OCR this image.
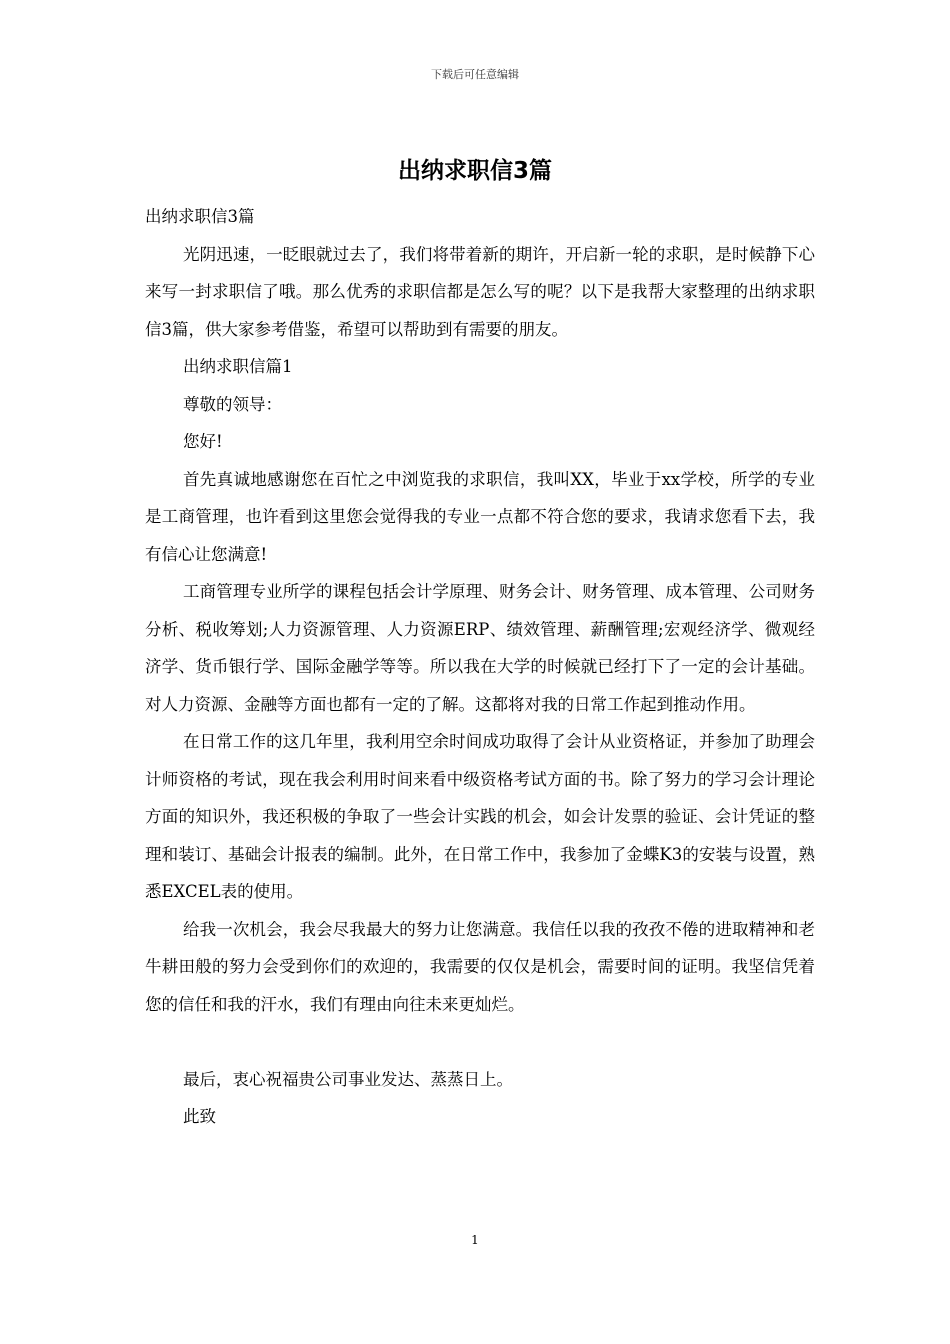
下载后可任意编辑
出纳求职信3篇

出纳求职信3篇

光阴迅速，一眨眼就过去了，我们将带着新的期许，开启新一轮的求职，是时候静下心来写一封求职信了哦。那么优秀的求职信都是怎么写的呢？以下是我帮大家整理的出纳求职信3篇，供大家参考借鉴，希望可以帮助到有需要的朋友。

出纳求职信篇1

尊敬的领导：

您好!

首先真诚地感谢您在百忙之中浏览我的求职信，我叫XX，毕业于xx学校，所学的专业是工商管理，也许看到这里您会觉得我的专业一点都不符合您的要求，我请求您看下去，我有信心让您满意!

工商管理专业所学的课程包括会计学原理、财务会计、财务管理、成本管理、公司财务分析、税收筹划;人力资源管理、人力资源ERP、绩效管理、薪酬管理;宏观经济学、微观经济学、货币银行学、国际金融学等等。所以我在大学的时候就已经打下了一定的会计基础。对人力资源、金融等方面也都有一定的了解。这都将对我的日常工作起到推动作用。

在日常工作的这几年里，我利用空余时间成功取得了会计从业资格证，并参加了助理会计师资格的考试，现在我会利用时间来看中级资格考试方面的书。除了努力的学习会计理论方面的知识外，我还积极的争取了一些会计实践的机会，如会计发票的验证、会计凭证的整理和装订、基础会计报表的编制。此外，在日常工作中，我参加了金蝶K3的安装与设置，熟悉EXCEL表的使用。

给我一次机会，我会尽我最大的努力让您满意。我信任以我的孜孜不倦的进取精神和老牛耕田般的努力会受到你们的欢迎的，我需要的仅仅是机会，需要时间的证明。我坚信凭着您的信任和我的汗水，我们有理由向往未来更灿烂。

最后，衷心祝福贵公司事业发达、蒸蒸日上。

此致

1
